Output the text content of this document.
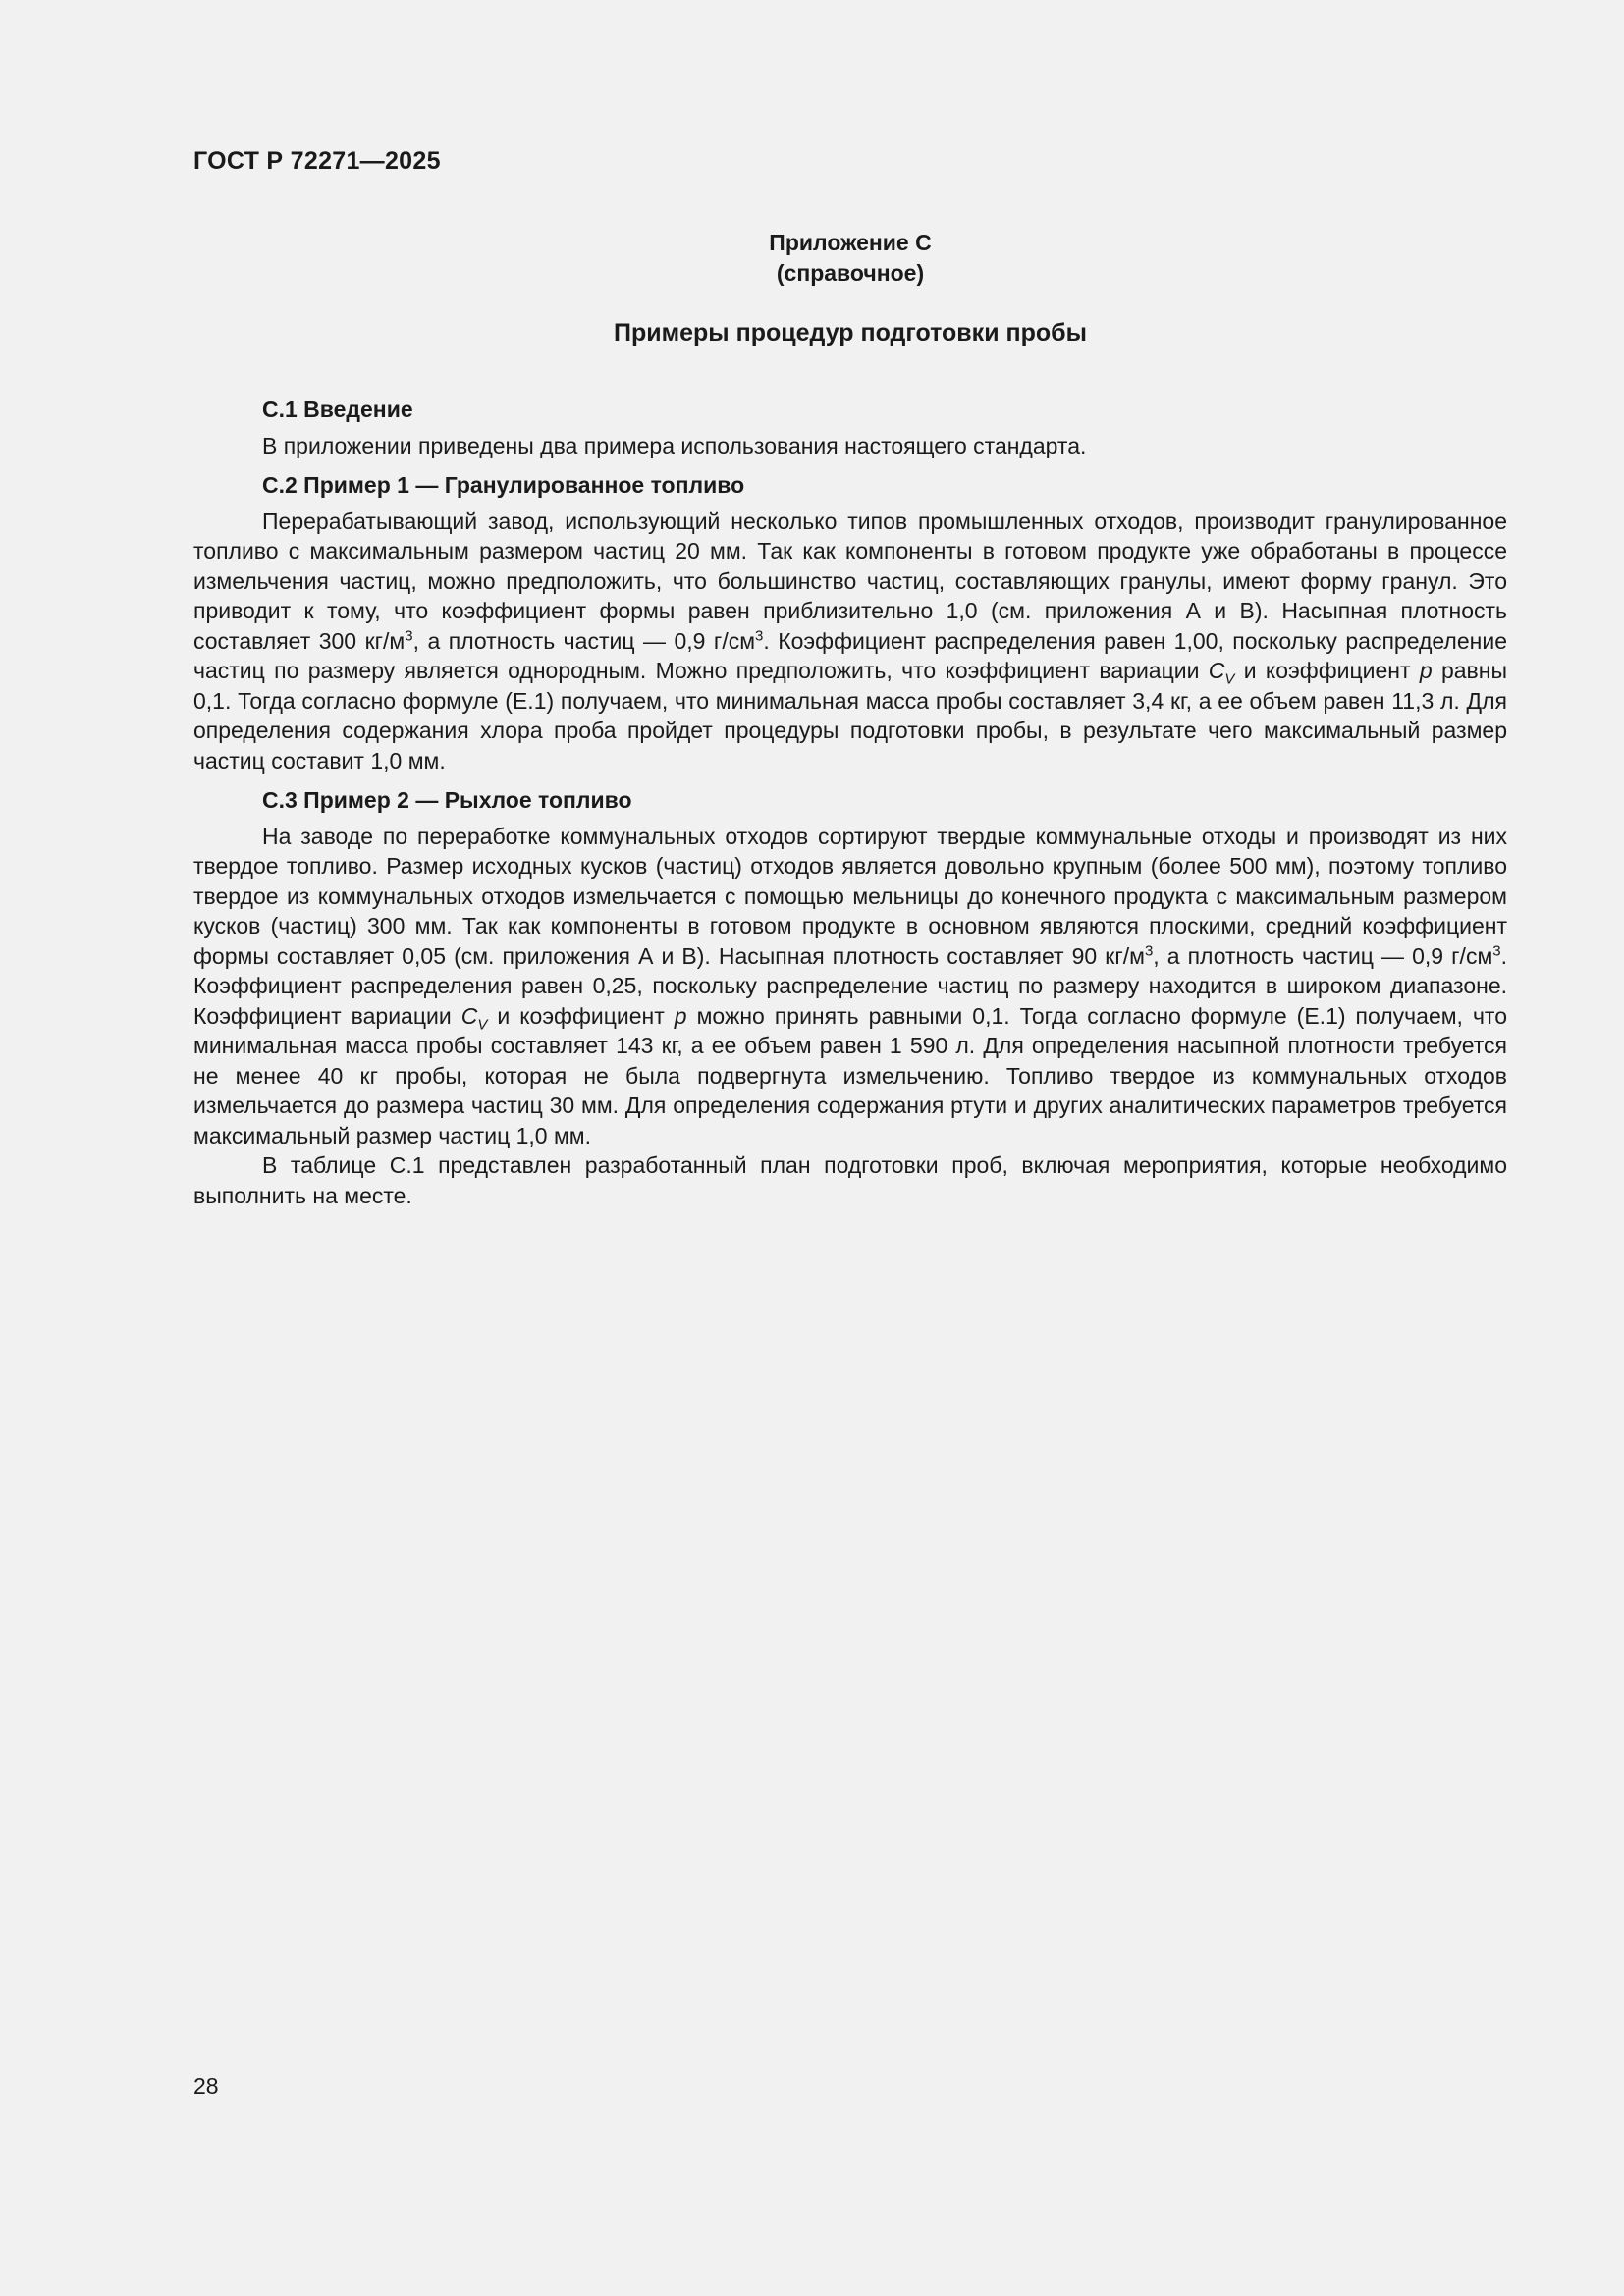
ГОСТ Р 72271—2025
Приложение С
(справочное)
Примеры процедур подготовки пробы
С.1 Введение

В приложении приведены два примера использования настоящего стандарта.

С.2 Пример 1 — Гранулированное топливо

Перерабатывающий завод, использующий несколько типов промышленных отходов, производит гранулированное топливо с максимальным размером частиц 20 мм. Так как компоненты в готовом продукте уже обработаны в процессе измельчения частиц, можно предположить, что большинство частиц, составляющих гранулы, имеют форму гранул. Это приводит к тому, что коэффициент формы равен приблизительно 1,0 (см. приложения А и В). Насыпная плотность составляет 300 $кг/м^3$, а плотность частиц — 0,9 $г/см^3$. Коэффициент распределения равен 1,00, поскольку распределение частиц по размеру является однородным. Можно предположить, что коэффициент вариации $C_V$ и коэффициент p равны 0,1. Тогда согласно формуле (Е.1) получаем, что минимальная масса пробы составляет 3,4 кг, а ее объем равен 11,3 л. Для определения содержания хлора проба пройдет процедуры подготовки пробы, в результате чего максимальный размер частиц составит 1,0 мм.

С.3 Пример 2 — Рыхлое топливо

На заводе по переработке коммунальных отходов сортируют твердые коммунальные отходы и производят из них твердое топливо. Размер исходных кусков (частиц) отходов является довольно крупным (более 500 мм), поэтому топливо твердое из коммунальных отходов измельчается с помощью мельницы до конечного продукта с максимальным размером кусков (частиц) 300 мм. Так как компоненты в готовом продукте в основном являются плоскими, средний коэффициент формы составляет 0,05 (см. приложения А и В). Насыпная плотность составляет 90 $кг/м^3$, а плотность частиц — 0,9 $г/см^3$. Коэффициент распределения равен 0,25, поскольку распределение частиц по размеру находится в широком диапазоне. Коэффициент вариации $C_V$ и коэффициент p можно принять равными 0,1. Тогда согласно формуле (Е.1) получаем, что минимальная масса пробы составляет 143 кг, а ее объем равен 1 590 л. Для определения насыпной плотности требуется не менее 40 кг пробы, которая не была подвергнута измельчению. Топливо твердое из коммунальных отходов измельчается до размера частиц 30 мм. Для определения содержания ртути и других аналитических параметров требуется максимальный размер частиц 1,0 мм.

В таблице С.1 представлен разработанный план подготовки проб, включая мероприятия, которые необходимо выполнить на месте.

28
